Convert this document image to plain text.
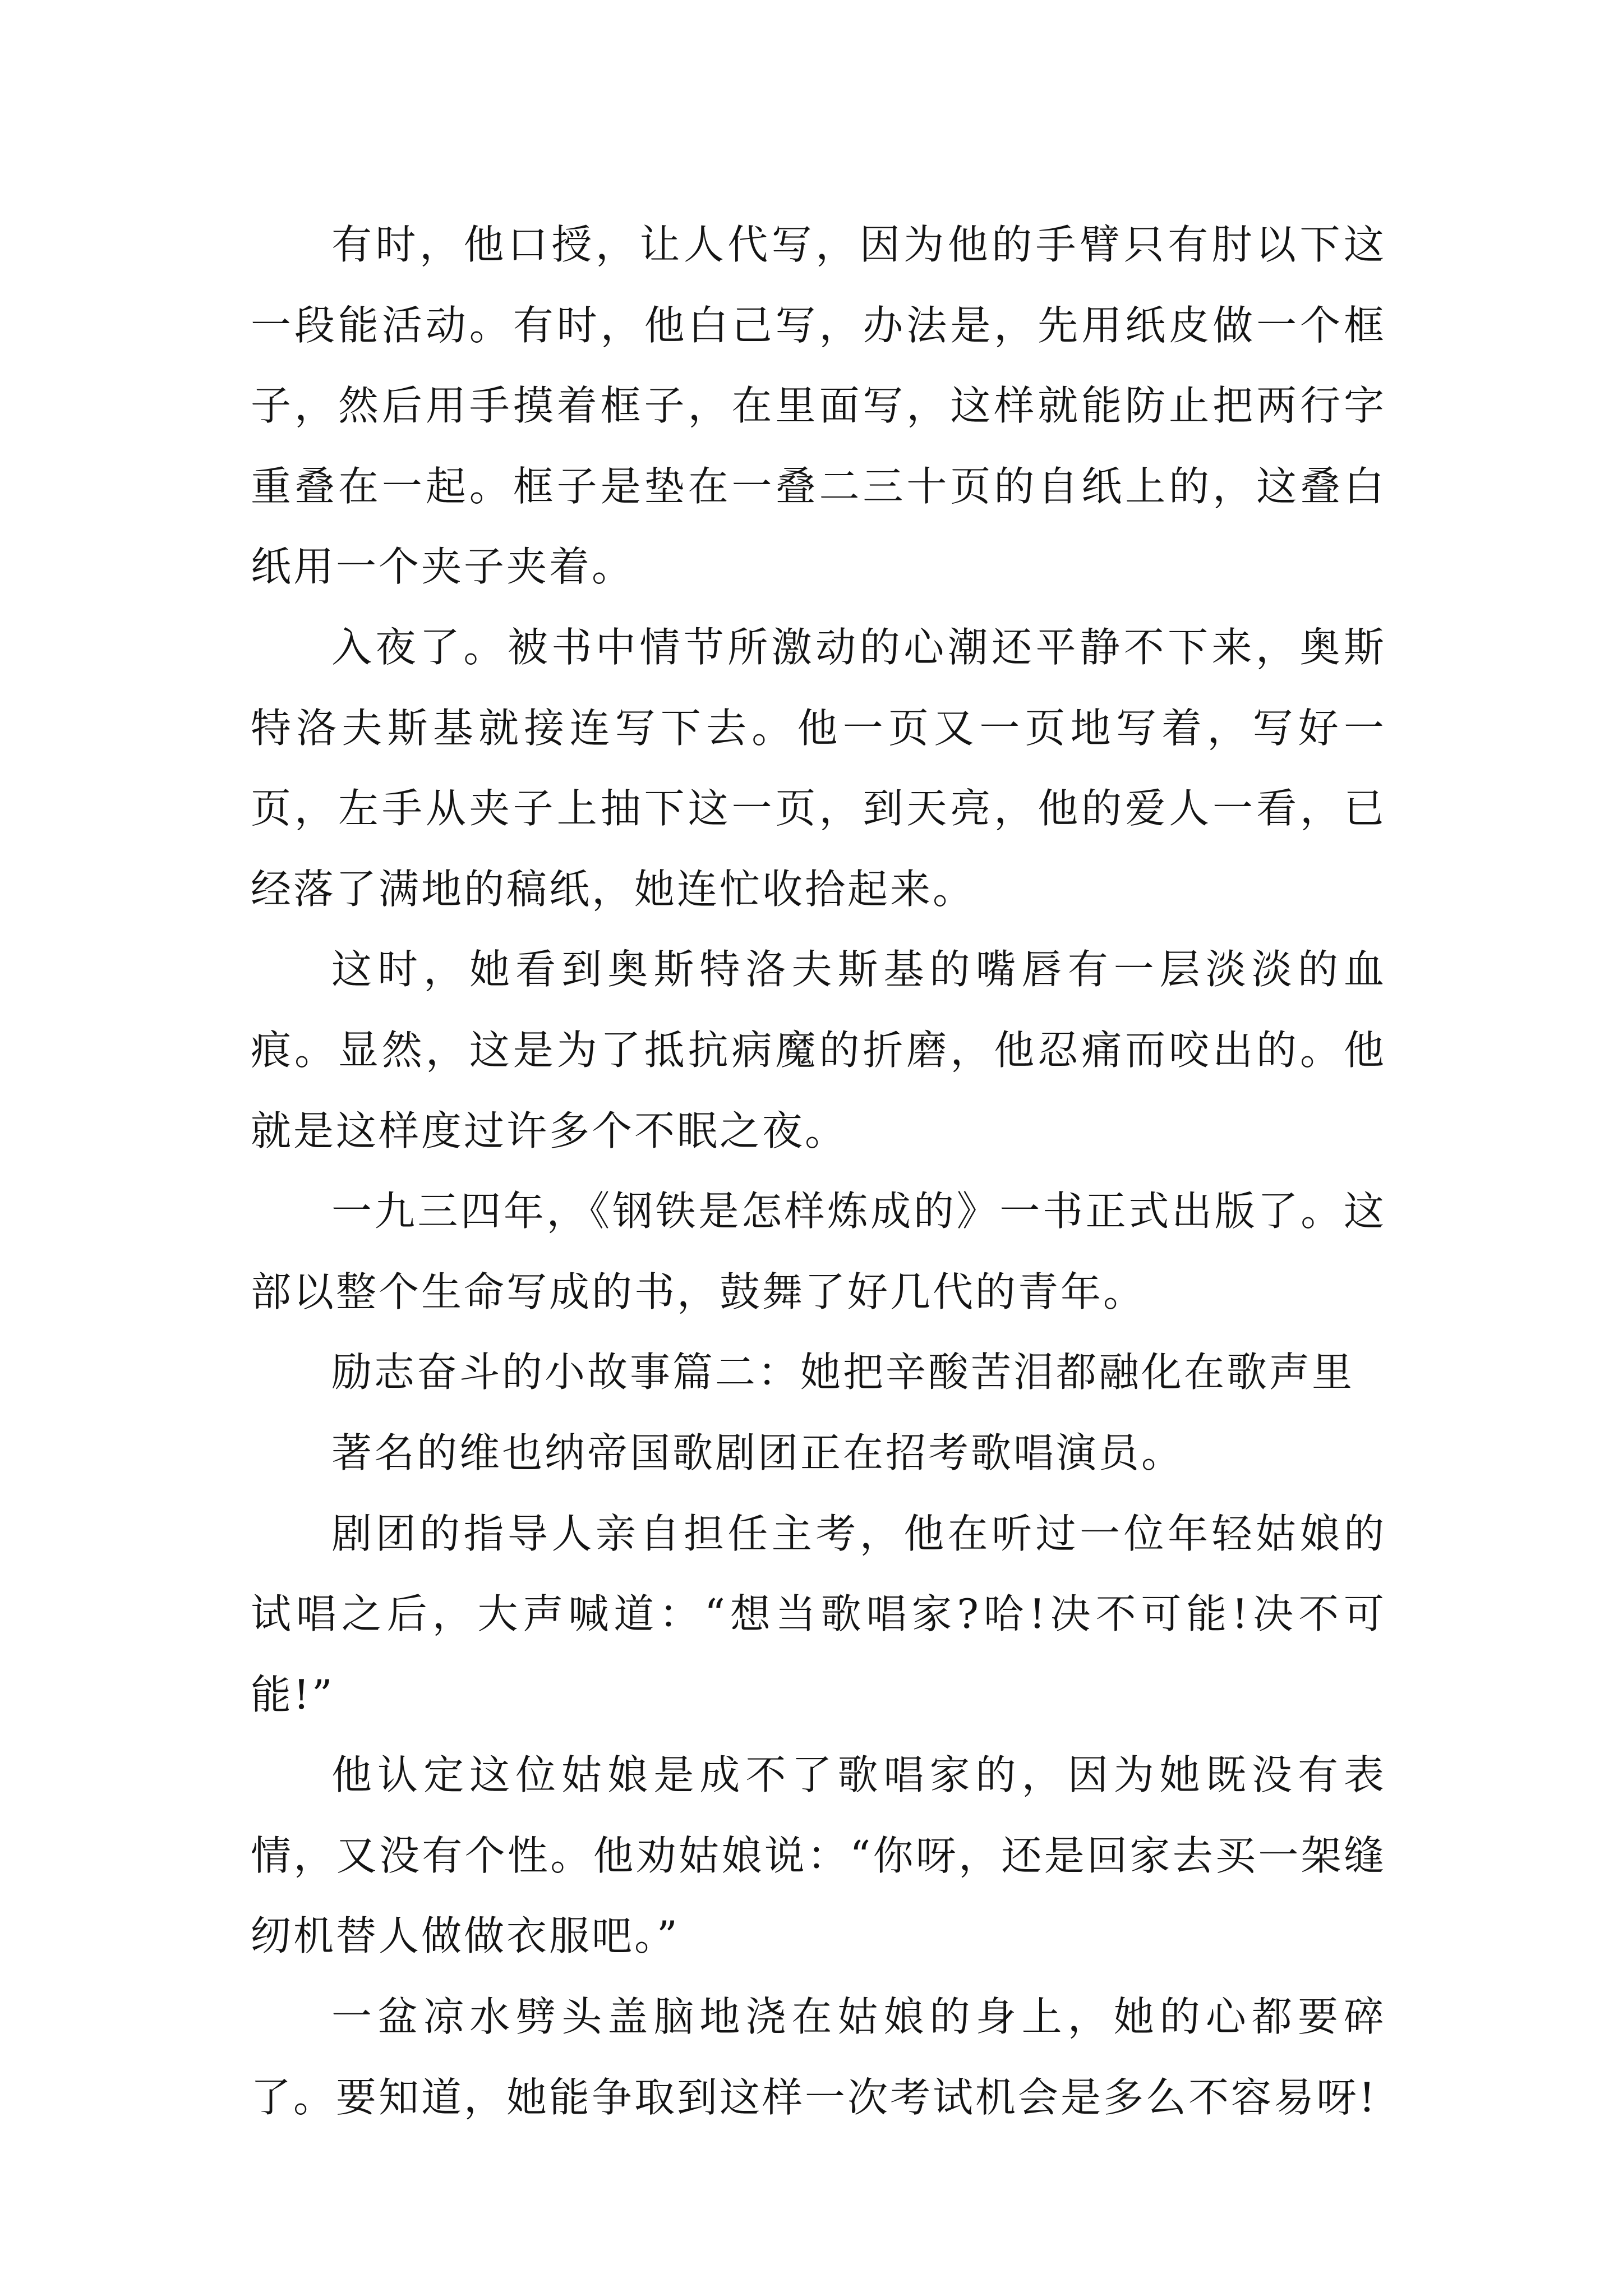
有时，他口授，让人代写，因为他的手臂只有肘以下这一段能活动。有时，他白己写，办法是，先用纸皮做一个框子，然后用手摸着框子，在里面写，这样就能防止把两行字重叠在一起。框子是垫在一叠二三十页的自纸上的，这叠白纸用一个夹子夹着。

入夜了。被书中情节所激动的心潮还平静不下来，奥斯特洛夫斯基就接连写下去。他一页又一页地写着，写好一页，左手从夹子上抽下这一页，到天亮，他的爱人一看，已经落了满地的稿纸，她连忙收拾起来。

这时，她看到奥斯特洛夫斯基的嘴唇有一层淡淡的血痕。显然，这是为了抵抗病魔的折磨，他忍痛而咬出的。他就是这样度过许多个不眠之夜。

一九三四年，《钢铁是怎样炼成的》一书正式出版了。这部以整个生命写成的书，鼓舞了好几代的青年。

励志奋斗的小故事篇二：她把辛酸苦泪都融化在歌声里

著名的维也纳帝国歌剧团正在招考歌唱演员。

剧团的指导人亲自担任主考，他在听过一位年轻姑娘的试唱之后，大声喊道：“想当歌唱家?哈!决不可能!决不可能!”

他认定这位姑娘是成不了歌唱家的，因为她既没有表情，又没有个性。他劝姑娘说：“你呀，还是回家去买一架缝纫机替人做做衣服吧。”

一盆凉水劈头盖脑地浇在姑娘的身上，她的心都要碎了。要知道，她能争取到这样一次考试机会是多么不容易呀!
